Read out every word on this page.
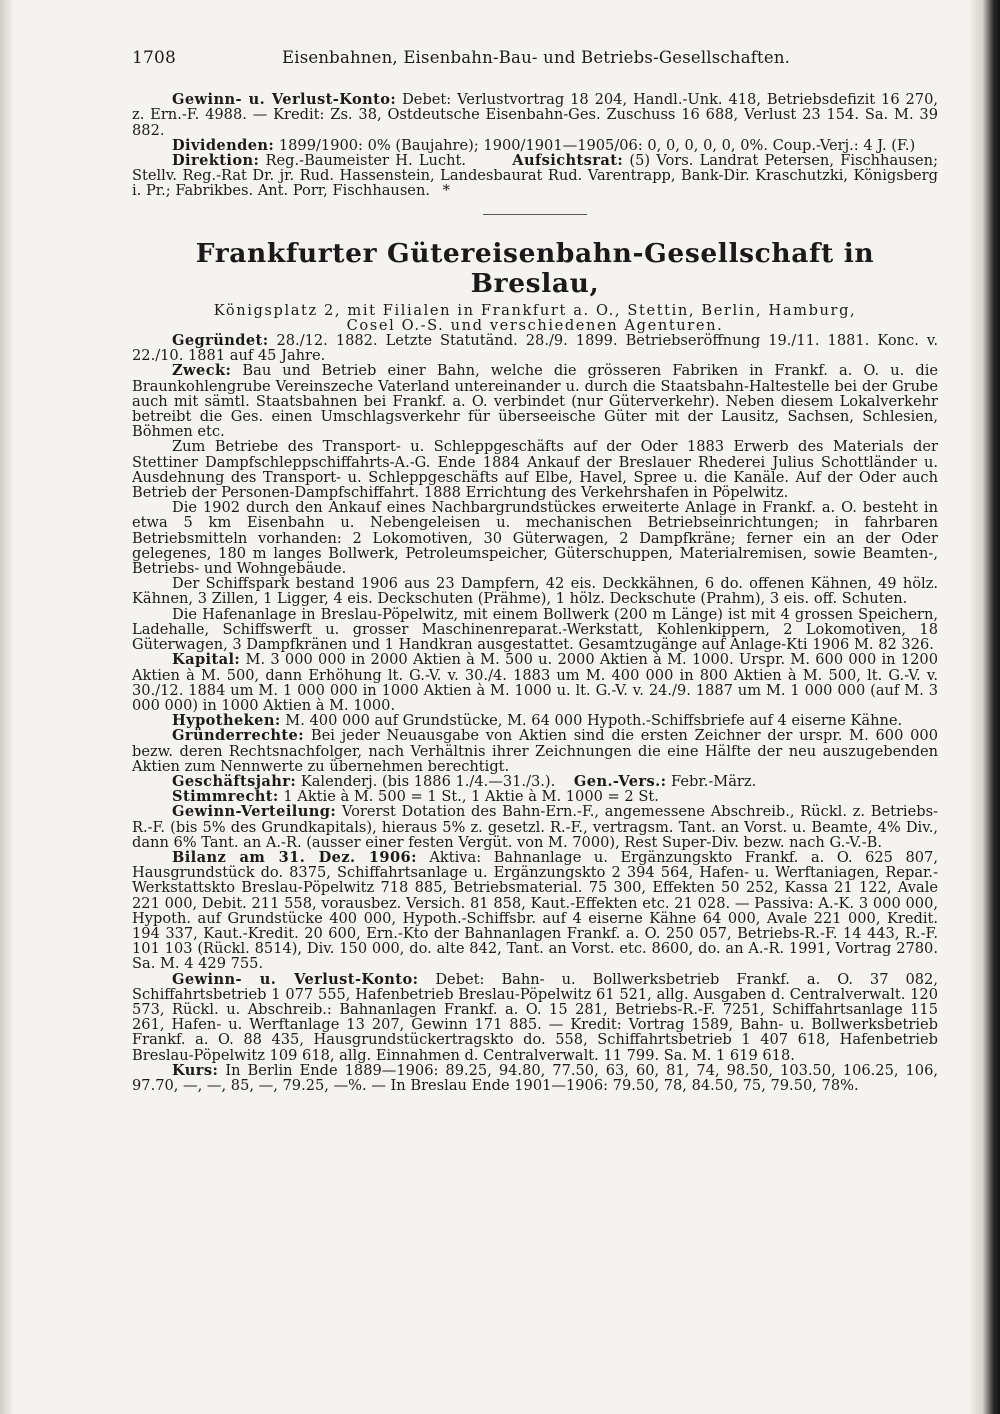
1708	Eisenbahnen, Eisenbahn-Bau- und Betriebs-Gesellschaften.

Gewinn- u. Verlust-Konto: Debet: Verlustvortrag 18 204, Handl.-Unk. 418, Betriebsdefizit 16 270, z. Ern.-F. 4988. — Kredit: Zs. 38, Ostdeutsche Eisenbahn-Ges. Zuschuss 16 688, Verlust 23 154. Sa. M. 39 882.

Dividenden: 1899/1900: 0% (Baujahre); 1900/1901—1905/06: 0, 0, 0, 0, 0, 0%. Coup.-Verj.: 4 J. (F.)

Direktion: Reg.-Baumeister H. Lucht.	Aufsichtsrat: (5) Vors. Landrat Petersen, Fischhausen; Stellv. Reg.-Rat Dr. jr. Rud. Hassenstein, Landesbaurat Rud. Varentrapp, Bank-Dir. Kraschutzki, Königsberg i. Pr.; Fabrikbes. Ant. Porr, Fischhausen. *

Frankfurter Gütereisenbahn-Gesellschaft in Breslau,

Königsplatz 2, mit Filialen in Frankfurt a. O., Stettin, Berlin, Hamburg,

Cosel O.-S. und verschiedenen Agenturen.

Gegründet: 28./12. 1882. Letzte Statutänd. 28./9. 1899. Betriebseröffnung 19./11. 1881. Konc. v. 22./10. 1881 auf 45 Jahre.

Zweck: Bau und Betrieb einer Bahn, welche die grösseren Fabriken in Frankf. a. O. u. die Braunkohlengrube Vereinszeche Vaterland untereinander u. durch die Staatsbahn-Haltestelle bei der Grube auch mit sämtl. Staatsbahnen bei Frankf. a. O. verbindet (nur Güterverkehr). Neben diesem Lokalverkehr betreibt die Ges. einen Umschlagsverkehr für überseeische Güter mit der Lausitz, Sachsen, Schlesien, Böhmen etc.

Zum Betriebe des Transport- u. Schleppgeschäfts auf der Oder 1883 Erwerb des Materials der Stettiner Dampfschleppschiffahrts-A.-G. Ende 1884 Ankauf der Breslauer Rhederei Julius Schottländer u. Ausdehnung des Transport- u. Schleppgeschäfts auf Elbe, Havel, Spree u. die Kanäle. Auf der Oder auch Betrieb der Personen-Dampfschiffahrt. 1888 Errichtung des Verkehrshafen in Pöpelwitz.

Die 1902 durch den Ankauf eines Nachbargrundstückes erweiterte Anlage in Frankf. a. O. besteht in etwa 5 km Eisenbahn u. Nebengeleisen u. mechanischen Betriebseinrichtungen; in fahrbaren Betriebsmitteln vorhanden: 2 Lokomotiven, 30 Güterwagen, 2 Dampfkräne; ferner ein an der Oder gelegenes, 180 m langes Bollwerk, Petroleumspeicher, Güterschuppen, Materialremisen, sowie Beamten-, Betriebs- und Wohngebäude.

Der Schiffspark bestand 1906 aus 23 Dampfern, 42 eis. Deckkähnen, 6 do. offenen Kähnen, 49 hölz. Kähnen, 3 Zillen, 1 Ligger, 4 eis. Deckschuten (Prähme), 1 hölz. Deckschute (Prahm), 3 eis. off. Schuten.

Die Hafenanlage in Breslau-Pöpelwitz, mit einem Bollwerk (200 m Länge) ist mit 4 grossen Speichern, Ladehalle, Schiffswerft u. grosser Maschinenreparat.-Werkstatt, Kohlenkippern, 2 Lokomotiven, 18 Güterwagen, 3 Dampfkränen und 1 Handkran ausgestattet. Gesamtzugänge auf Anlage-Kti 1906 M. 82 326.

Kapital: M. 3 000 000 in 2000 Aktien à M. 500 u. 2000 Aktien à M. 1000. Urspr. M. 600 000 in 1200 Aktien à M. 500, dann Erhöhung lt. G.-V. v. 30./4. 1883 um M. 400 000 in 800 Aktien à M. 500, lt. G.-V. v. 30./12. 1884 um M. 1 000 000 in 1000 Aktien à M. 1000 u. lt. G.-V. v. 24./9. 1887 um M. 1 000 000 (auf M. 3 000 000) in 1000 Aktien à M. 1000.

Hypotheken: M. 400 000 auf Grundstücke, M. 64 000 Hypoth.-Schiffsbriefe auf 4 eiserne Kähne.

Gründerrechte: Bei jeder Neuausgabe von Aktien sind die ersten Zeichner der urspr. M. 600 000 bezw. deren Rechtsnachfolger, nach Verhältnis ihrer Zeichnungen die eine Hälfte der neu auszugebenden Aktien zum Nennwerte zu übernehmen berechtigt.

Geschäftsjahr: Kalenderj. (bis 1886 1./4.—31./3.). Gen.-Vers.: Febr.-März.

Stimmrecht: 1 Aktie à M. 500 = 1 St., 1 Aktie à M. 1000 = 2 St.

Gewinn-Verteilung: Vorerst Dotation des Bahn-Ern.-F., angemessene Abschreib., Rückl. z. Betriebs-R.-F. (bis 5% des Grundkapitals), hieraus 5% z. gesetzl. R.-F., vertragsm. Tant. an Vorst. u. Beamte, 4% Div., dann 6% Tant. an A.-R. (ausser einer festen Vergüt. von M. 7000), Rest Super-Div. bezw. nach G.-V.-B.

Bilanz am 31. Dez. 1906: Aktiva: Bahnanlage u. Ergänzungskto Frankf. a. O. 625 807, Hausgrundstück do. 8375, Schiffahrtsanlage u. Ergänzungskto 2 394 564, Hafen- u. Werftaniagen, Repar.-Werkstattskto Breslau-Pöpelwitz 718 885, Betriebsmaterial. 75 300, Effekten 50 252, Kassa 21 122, Avale 221 000, Debit. 211 558, vorausbez. Versich. 81 858, Kaut.-Effekten etc. 21 028. — Passiva: A.-K. 3 000 000, Hypoth. auf Grundstücke 400 000, Hypoth.-Schiffsbr. auf 4 eiserne Kähne 64 000, Avale 221 000, Kredit. 194 337, Kaut.-Kredit. 20 600, Ern.-Kto der Bahnanlagen Frankf. a. O. 250 057, Betriebs-R.-F. 14 443, R.-F. 101 103 (Rückl. 8514), Div. 150 000, do. alte 842, Tant. an Vorst. etc. 8600, do. an A.-R. 1991, Vortrag 2780. Sa. M. 4 429 755.

Gewinn- u. Verlust-Konto: Debet: Bahn- u. Bollwerksbetrieb Frankf. a. O. 37 082, Schiffahrtsbetrieb 1 077 555, Hafenbetrieb Breslau-Pöpelwitz 61 521, allg. Ausgaben d. Centralverwalt. 120 573, Rückl. u. Abschreib.: Bahnanlagen Frankf. a. O. 15 281, Betriebs-R.-F. 7251, Schiffahrtsanlage 115 261, Hafen- u. Werftanlage 13 207, Gewinn 171 885. — Kredit: Vortrag 1589, Bahn- u. Bollwerksbetrieb Frankf. a. O. 88 435, Hausgrundstückertragskto do. 558, Schiffahrtsbetrieb 1 407 618, Hafenbetrieb Breslau-Pöpelwitz 109 618, allg. Einnahmen d. Centralverwalt. 11 799. Sa. M. 1 619 618.

Kurs: In Berlin Ende 1889—1906: 89.25, 94.80, 77.50, 63, 60, 81, 74, 98.50, 103.50, 106.25, 106, 97.70, —, —, 85, —, 79.25, —%. — In Breslau Ende 1901—1906: 79.50, 78, 84.50, 75, 79.50, 78%.
